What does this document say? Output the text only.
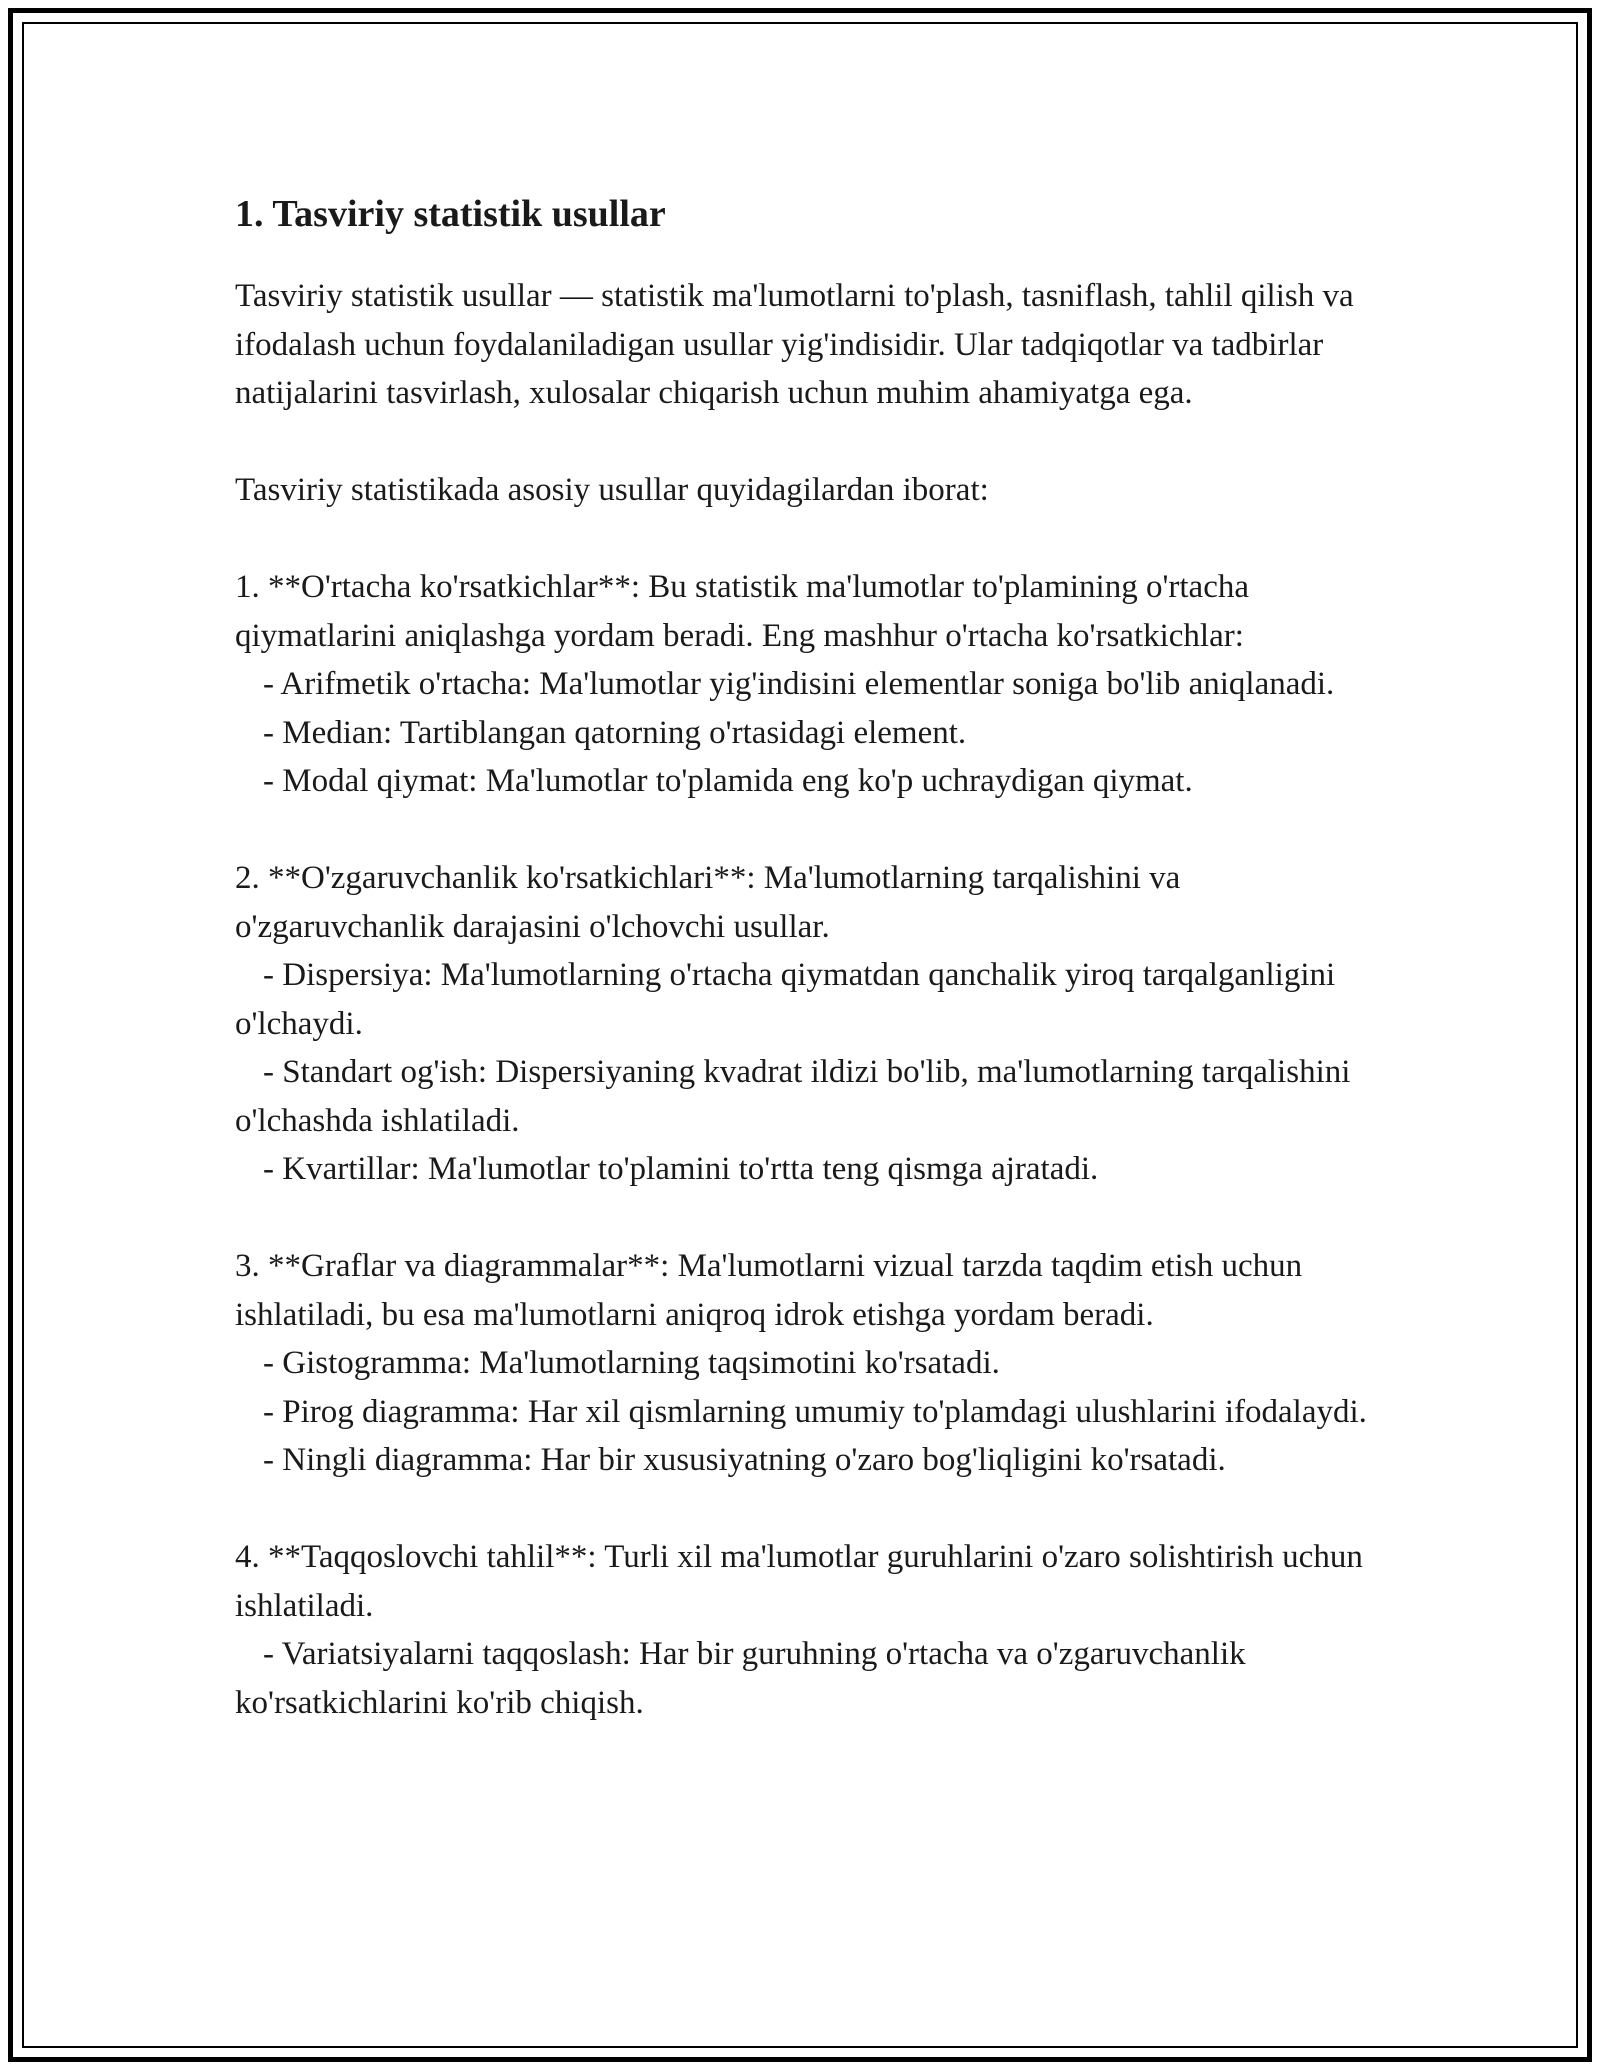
1. Tasviriy statistik usullar

Tasviriy statistik usullar — statistik ma'lumotlarni to'plash, tasniflash, tahlil qilish va ifodalash uchun foydalaniladigan usullar yig'indisidir. Ular tadqiqotlar va tadbirlar natijalarini tasvirlash, xulosalar chiqarish uchun muhim ahamiyatga ega.

Tasviriy statistikada asosiy usullar quyidagilardan iborat:

1. **O'rtacha ko'rsatkichlar**: Bu statistik ma'lumotlar to'plamining o'rtacha qiymatlarini aniqlashga yordam beradi. Eng mashhur o'rtacha ko'rsatkichlar:

- Arifmetik o'rtacha: Ma'lumotlar yig'indisini elementlar soniga bo'lib aniqlanadi.

- Median: Tartiblangan qatorning o'rtasidagi element.

- Modal qiymat: Ma'lumotlar to'plamida eng ko'p uchraydigan qiymat.

2. **O'zgaruvchanlik ko'rsatkichlari**: Ma'lumotlarning tarqalishini va o'zgaruvchanlik darajasini o'lchovchi usullar.

- Dispersiya: Ma'lumotlarning o'rtacha qiymatdan qanchalik yiroq tarqalganligini o'lchaydi.

- Standart og'ish: Dispersiyaning kvadrat ildizi bo'lib, ma'lumotlarning tarqalishini o'lchashda ishlatiladi.

- Kvartillar: Ma'lumotlar to'plamini to'rtta teng qismga ajratadi.

3. **Graflar va diagrammalar**: Ma'lumotlarni vizual tarzda taqdim etish uchun ishlatiladi, bu esa ma'lumotlarni aniqroq idrok etishga yordam beradi.

- Gistogramma: Ma'lumotlarning taqsimotini ko'rsatadi.

- Pirog diagramma: Har xil qismlarning umumiy to'plamdagi ulushlarini ifodalaydi.

- Ningli diagramma: Har bir xususiyatning o'zaro bog'liqligini ko'rsatadi.

4. **Taqqoslovchi tahlil**: Turli xil ma'lumotlar guruhlarini o'zaro solishtirish uchun ishlatiladi.

- Variatsiyalarni taqqoslash: Har bir guruhning o'rtacha va o'zgaruvchanlik ko'rsatkichlarini ko'rib chiqish.
